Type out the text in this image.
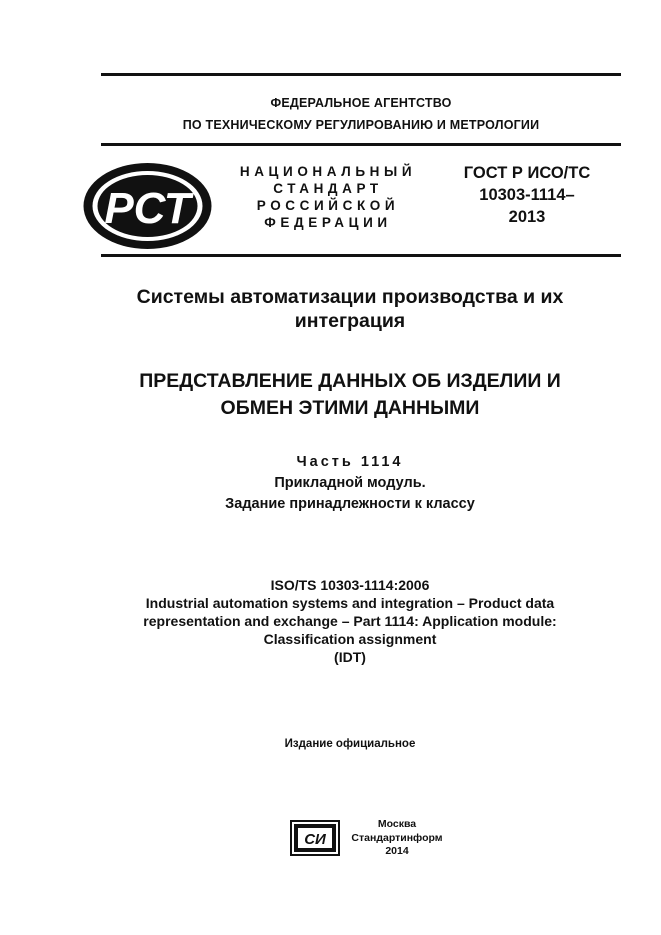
ФЕДЕРАЛЬНОЕ АГЕНТСТВО
ПО ТЕХНИЧЕСКОМУ РЕГУЛИРОВАНИЮ И МЕТРОЛОГИИ
РСТ
НАЦИОНАЛЬНЫЙ
СТАНДАРТ
РОССИЙСКОЙ
ФЕДЕРАЦИИ
ГОСТ Р ИСО/ТС
10303-1114–
2013
Системы автоматизации производства и их
интеграция
ПРЕДСТАВЛЕНИЕ ДАННЫХ ОБ ИЗДЕЛИИ И
ОБМЕН ЭТИМИ ДАННЫМИ
Часть 1114
Прикладной модуль.
Задание принадлежности к классу
ISO/TS 10303-1114:2006
Industrial automation systems and integration – Product data
representation and exchange – Part 1114: Application module:
Classification assignment
(IDT)
Издание официальное
СИ
Москва
Стандартинформ
2014
